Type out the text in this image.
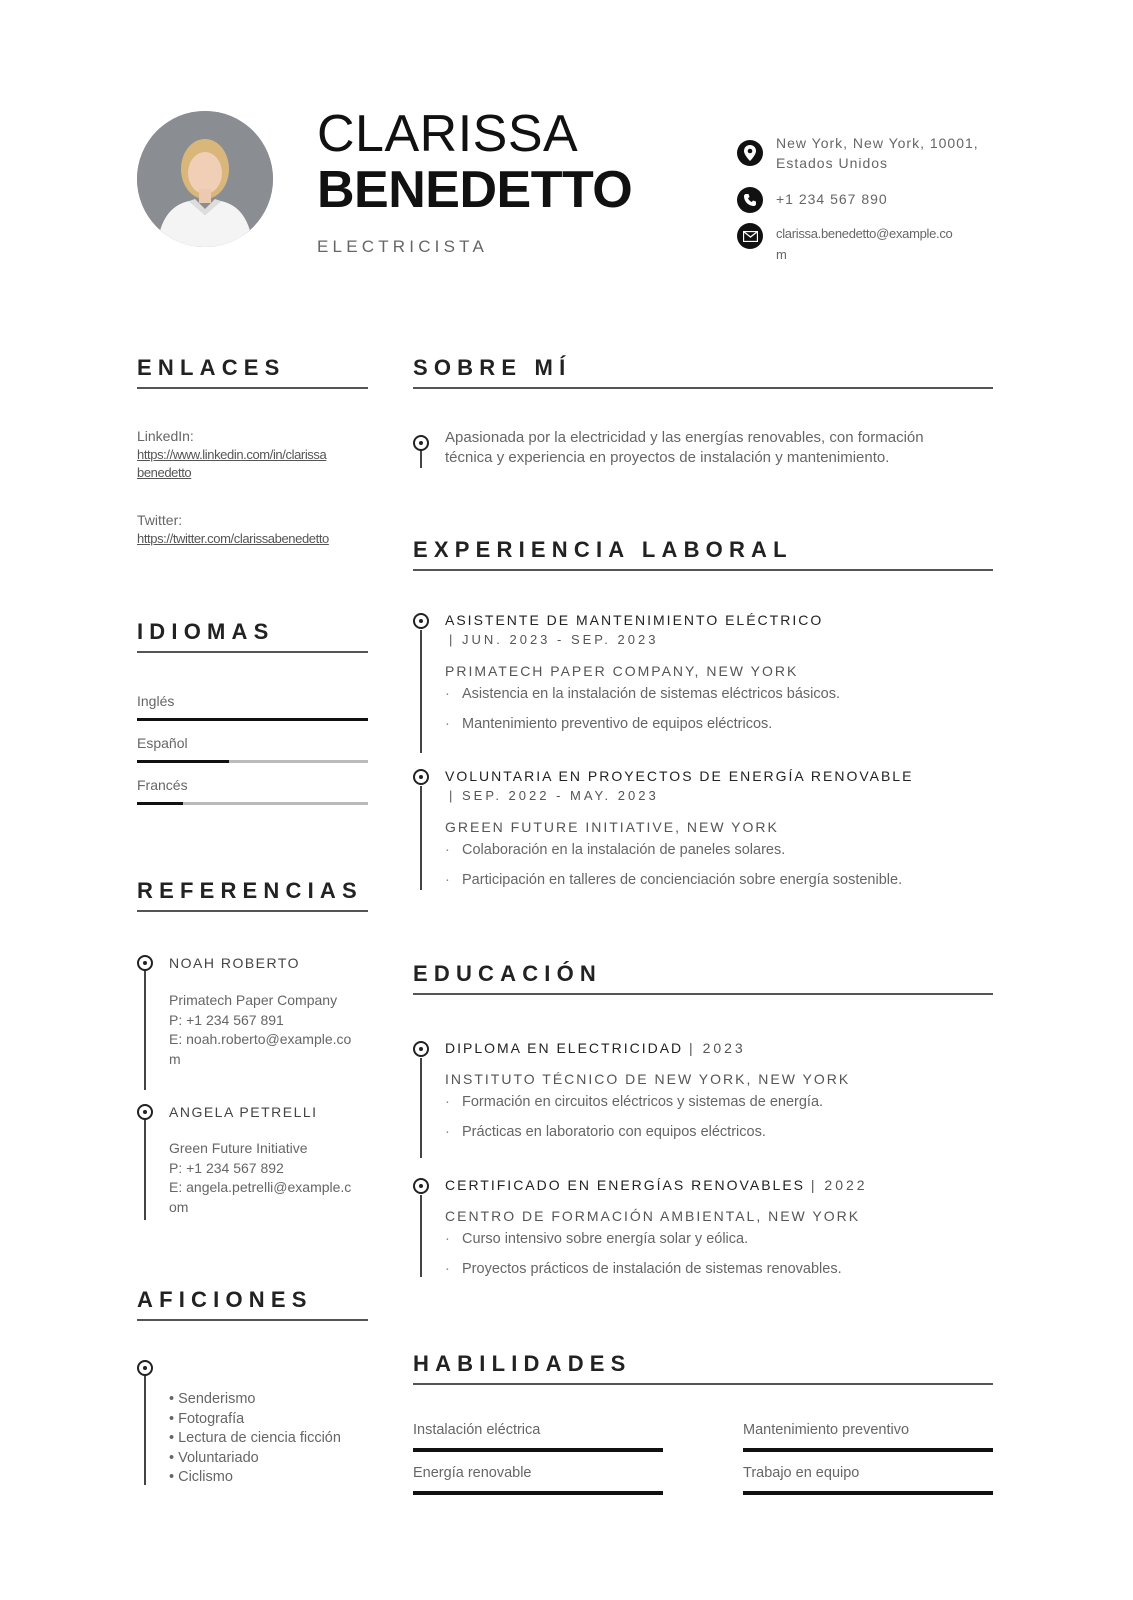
CLARISSA
BENEDETTO
ELECTRICISTA
New York, New York, 10001,
Estados Unidos
+1 234 567 890
clarissa.benedetto@example.co
m
ENLACES
LinkedIn:
https://www.linkedin.com/in/clarissa
benedetto
Twitter:
https://twitter.com/clarissabenedetto
IDIOMAS
Inglés
Español
Francés
REFERENCIAS
NOAH ROBERTO
Primatech Paper Company
P: +1 234 567 891
E: noah.roberto@example.co
m
ANGELA PETRELLI
Green Future Initiative
P: +1 234 567 892
E: angela.petrelli@example.c
om
AFICIONES
• Senderismo
• Fotografía
• Lectura de ciencia ficción
• Voluntariado
• Ciclismo
SOBRE MÍ
Apasionada por la electricidad y las energías renovables, con formación
técnica y experiencia en proyectos de instalación y mantenimiento.
EXPERIENCIA LABORAL
ASISTENTE DE MANTENIMIENTO ELÉCTRICO
| JUN. 2023 - SEP. 2023
PRIMATECH PAPER COMPANY, NEW YORK
· Asistencia en la instalación de sistemas eléctricos básicos.
· Mantenimiento preventivo de equipos eléctricos.
VOLUNTARIA EN PROYECTOS DE ENERGÍA RENOVABLE
| SEP. 2022 - MAY. 2023
GREEN FUTURE INITIATIVE, NEW YORK
· Colaboración en la instalación de paneles solares.
· Participación en talleres de concienciación sobre energía sostenible.
EDUCACIÓN
DIPLOMA EN ELECTRICIDAD | 2023
INSTITUTO TÉCNICO DE NEW YORK, NEW YORK
· Formación en circuitos eléctricos y sistemas de energía.
· Prácticas en laboratorio con equipos eléctricos.
CERTIFICADO EN ENERGÍAS RENOVABLES | 2022
CENTRO DE FORMACIÓN AMBIENTAL, NEW YORK
· Curso intensivo sobre energía solar y eólica.
· Proyectos prácticos de instalación de sistemas renovables.
HABILIDADES
Instalación eléctrica	Mantenimiento preventivo
Energía renovable	Trabajo en equipo
